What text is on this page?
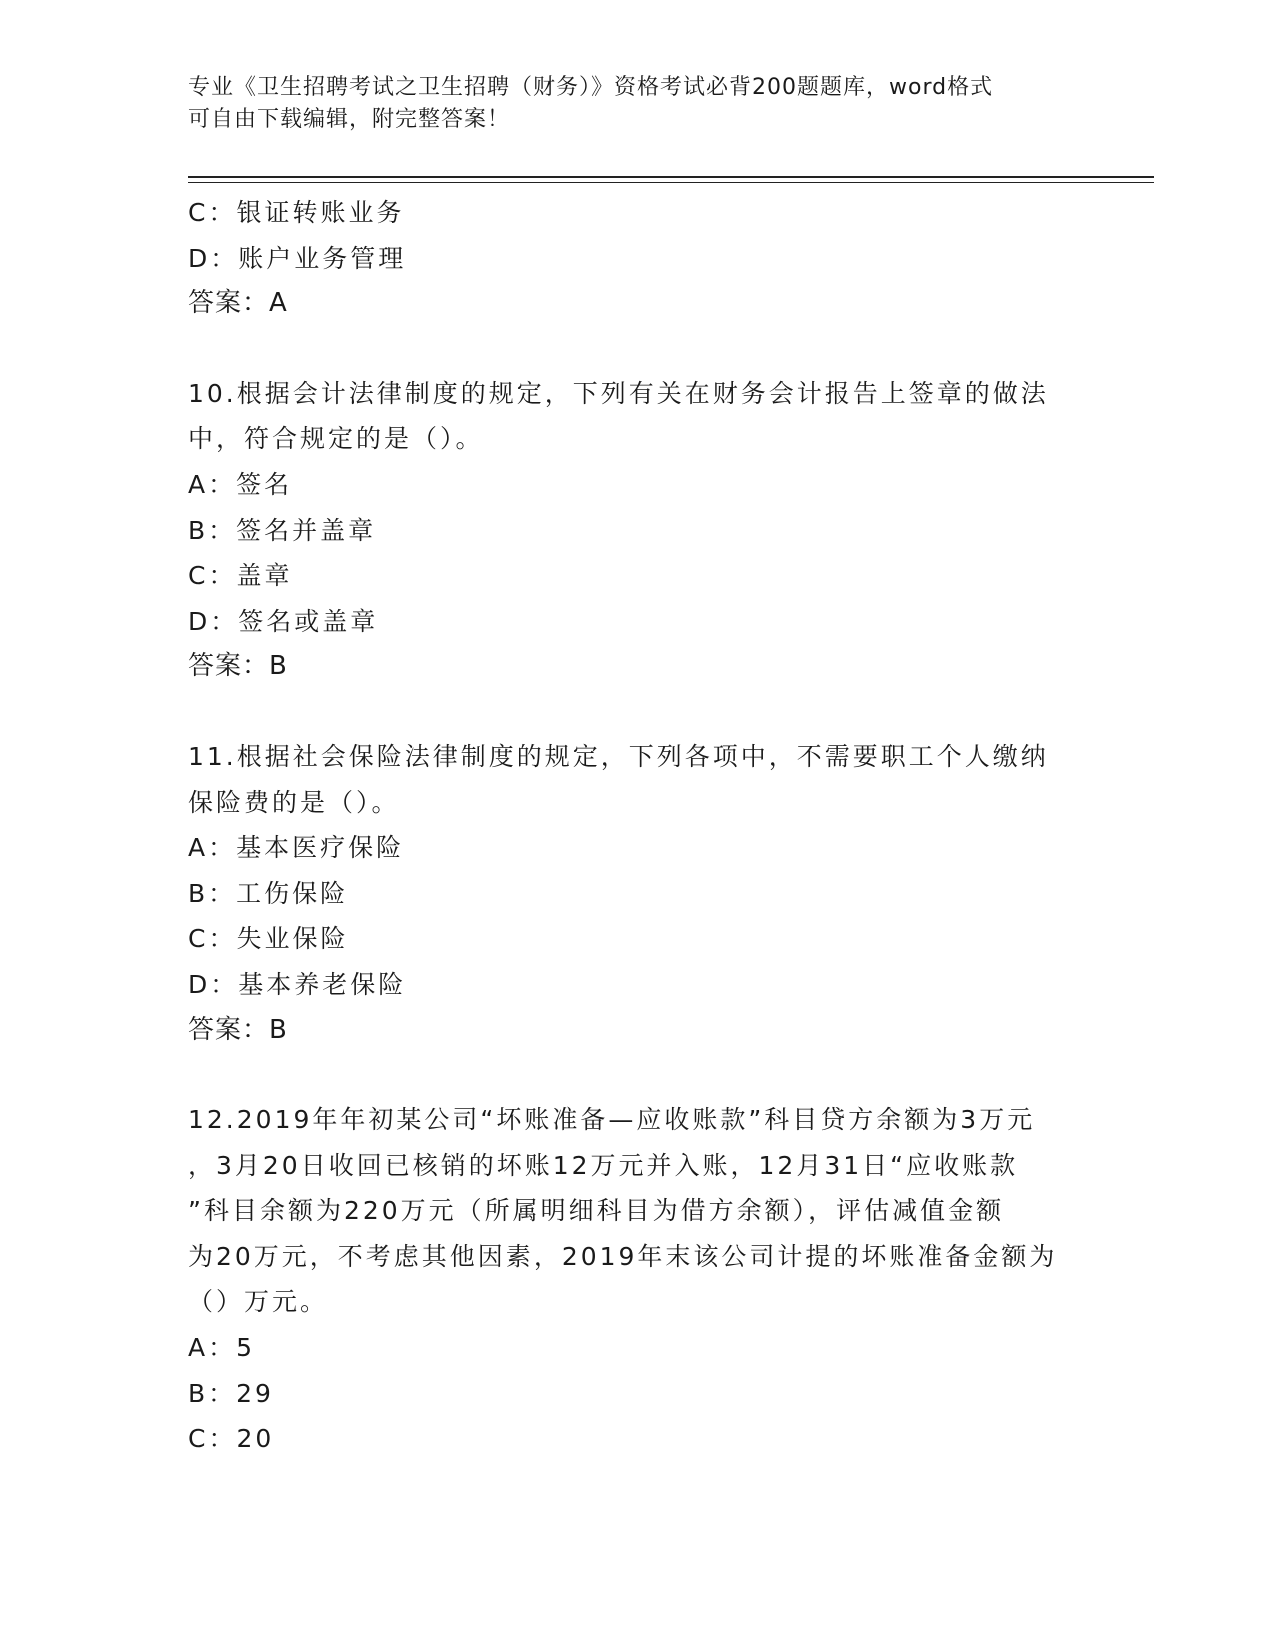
专业《卫生招聘考试之卫生招聘（财务）》资格考试必背200题题库，word格式
可自由下载编辑，附完整答案！
C：银证转账业务
D：账户业务管理
答案：A
10.根据会计法律制度的规定，下列有关在财务会计报告上签章的做法
中，符合规定的是（）。
A：签名
B：签名并盖章
C：盖章
D：签名或盖章
答案：B
11.根据社会保险法律制度的规定，下列各项中，不需要职工个人缴纳
保险费的是（）。
A：基本医疗保险
B：工伤保险
C：失业保险
D：基本养老保险
答案：B
12.2019年年初某公司“坏账准备—应收账款”科目贷方余额为3万元
，3月20日收回已核销的坏账12万元并入账，12月31日“应收账款
”科目余额为220万元（所属明细科目为借方余额），评估减值金额
为20万元，不考虑其他因素，2019年末该公司计提的坏账准备金额为
（）万元。
A：5
B：29
C：20
